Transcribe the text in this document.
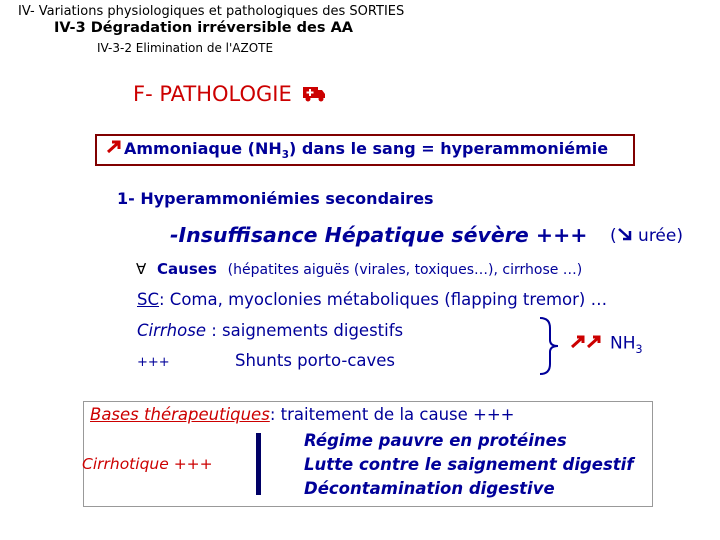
IV- Variations physiologiques et pathologiques des SORTIES
IV-3 Dégradation irréversible des AA
IV-3-2 Elimination de l'AZOTE
F- PATHOLOGIE
Ammoniaque $(NH_3)$ dans le sang = hyperammoniémie
1- Hyperammoniémies secondaires
-Insuffisance Hépatique sévère +++ ( urée)
∀ Causes (hépatites aiguës (virales, toxiques…), cirrhose …)
SC: Coma, myoclonies métaboliques (flapping tremor) …
Cirrhose : saignements digestifs
+++	Shunts porto-caves
$NH_3$
Bases thérapeutiques: traitement de la cause +++
Cirrhotique +++
Régime pauvre en protéines
Lutte contre le saignement digestif
Décontamination digestive
